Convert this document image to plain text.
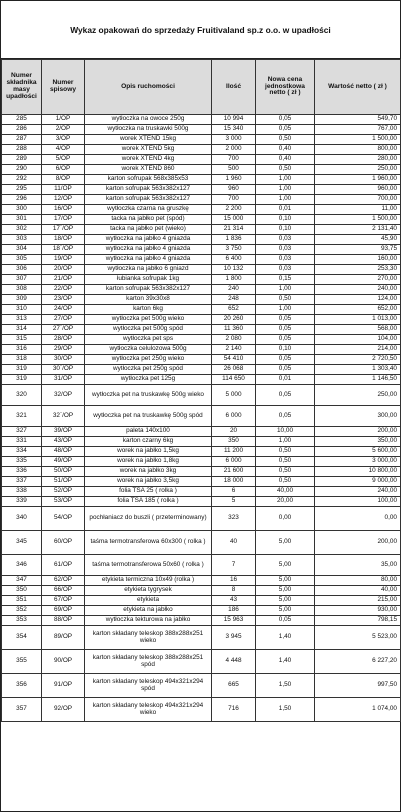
Wykaz opakowań do sprzedaży Fruitivaland sp.z o.o. w upadłości
Numer składnika masy upadłości	Numer spisowy	Opis ruchomości	Ilość	Nowa cena jednostkowa netto ( zł )	Wartość netto ( zł )
285	1/OP	wytłoczka na owoce 250g	10 994	0,05	549,70
286	2/OP	wytłoczka na truskawki 500g	15 340	0,05	767,00
287	3/OP	worek XTEND 15kg	3 000	0,50	1 500,00
288	4/OP	worek XTEND 5kg	2 000	0,40	800,00
289	5/OP	worek XTEND 4kg	700	0,40	280,00
290	6/OP	worek XTEND 860	500	0,50	250,00
292	8/OP	karton sofrupak 568x385x53	1 960	1,00	1 960,00
295	11/OP	karton sofrupak 563x382x127	960	1,00	960,00
296	12/OP	karton sofrupak 563x382x127	700	1,00	700,00
300	16/OP	wytłoczka czarna na gruszkę	2 200	0,01	11,00
301	17/OP	tacka na jabłko pet (spód)	15 000	0,10	1 500,00
302	17`/OP	tacka na jabłko pet (wieko)	21 314	0,10	2 131,40
303	18/OP	wytłoczka na jabłko 4 gniazda	1 836	0,03	45,90
304	18`/OP	wytłoczka na jabłko 4 gniazda	3 750	0,03	93,75
305	19/OP	wytłoczka na jabłko 4 gniazda	6 400	0,03	160,00
306	20/OP	wytłoczka na jabłko 6 gniazd	10 132	0,03	253,30
307	21/OP	łubianka sofrupak 1kg	1 800	0,15	270,00
308	22/OP	karton sofrupak 563x382x127	240	1,00	240,00
309	23/OP	karton 39x30x8	248	0,50	124,00
310	24/OP	karton 6kg	652	1,00	652,00
313	27/OP	wytłoczka pet 500g wieko	20 260	0,05	1 013,00
314	27`/OP	wytłoczka pet 500g spód	11 360	0,05	568,00
315	28/OP	wytłoczka pet sps	2 080	0,05	104,00
316	29/OP	wytłoczka celulozowa 500g	2 140	0,10	214,00
318	30/OP	wytłoczka pet 250g wieko	54 410	0,05	2 720,50
319	30`/OP	wytłoczka pet 250g spód	26 068	0,05	1 303,40
319	31/OP	wytłoczka pet 125g	114 650	0,01	1 146,50
320	32/OP	wytłoczka pet na truskawkę 500g wieko	5 000	0,05	250,00
321	32`/OP	wytłoczka pet na truskawkę 500g spód	6 000	0,05	300,00
327	39/OP	paleta 140x100	20	10,00	200,00
331	43/OP	karton czarny 6kg	350	1,00	350,00
334	48/OP	worek na jabłko 1,5kg	11 200	0,50	5 600,00
335	49/OP	worek na jabłko 1,8kg	6 000	0,50	3 000,00
336	50/OP	worek na jabłko 3kg	21 600	0,50	10 800,00
337	51/OP	worek na jabłko 3,5kg	18 000	0,50	9 000,00
338	52/OP	folia TSA 25 ( rolka )	6	40,00	240,00
339	53/OP	folia TSA 185 ( rolka )	5	20,00	100,00
340	54/OP	pochłaniacz do buszli ( przeterminowany)	323	0,00	0,00
345	60/OP	taśma termotransferowa 60x300 ( rolka )	40	5,00	200,00
346	61/OP	taśma termotransferowa 50x60 ( rolka )	7	5,00	35,00
347	62/OP	etykieta termiczna 10x49 (rolka )	16	5,00	80,00
350	66/OP	etykieta tygrysek	8	5,00	40,00
351	67/OP	etykieta	43	5,00	215,00
352	69/OP	etykieta na jabłko	186	5,00	930,00
353	88/OP	wytłoczka tekturowa na jabłko	15 963	0,05	798,15
354	89/OP	karton składany teleskop 388x288x251 wieko	3 945	1,40	5 523,00
355	90/OP	karton składany teleskop 388x288x251 spód	4 448	1,40	6 227,20
356	91/OP	karton składany teleskop 494x321x294 spód	665	1,50	997,50
357	92/OP	karton składany teleskop 494x321x294 wieko	716	1,50	1 074,00
